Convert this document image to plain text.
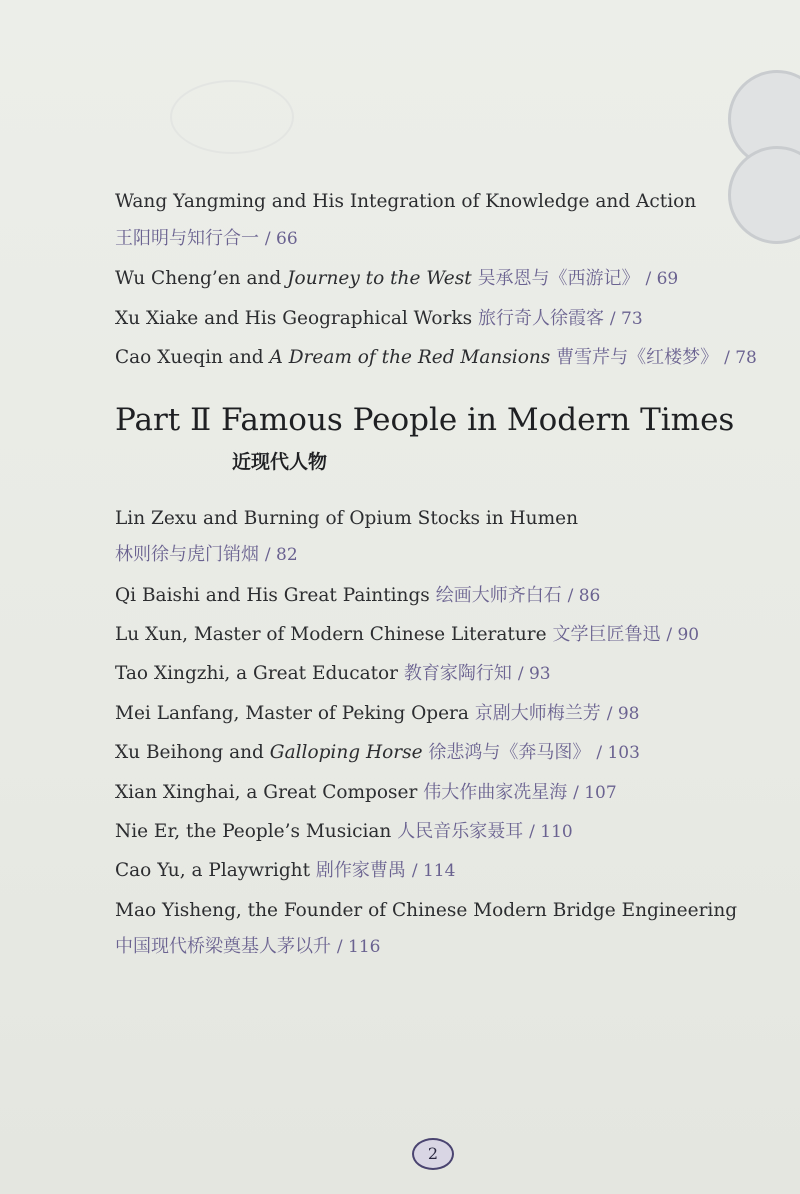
Wang Yangming and His Integration of Knowledge and Action
王阳明与知行合一 / 66
Wu Cheng’en and Journey to the West 吴承恩与《西游记》 / 69
Xu Xiake and His Geographical Works 旅行奇人徐霞客 / 73
Cao Xueqin and A Dream of the Red Mansions 曹雪芹与《红楼梦》 / 78
Part Ⅱ Famous People in Modern Times
近现代人物
Lin Zexu and Burning of Opium Stocks in Humen
林则徐与虎门销烟 / 82
Qi Baishi and His Great Paintings 绘画大师齐白石 / 86
Lu Xun, Master of Modern Chinese Literature 文学巨匠鲁迅 / 90
Tao Xingzhi, a Great Educator 教育家陶行知 / 93
Mei Lanfang, Master of Peking Opera 京剧大师梅兰芳 / 98
Xu Beihong and Galloping Horse 徐悲鸿与《奔马图》 / 103
Xian Xinghai, a Great Composer 伟大作曲家冼星海 / 107
Nie Er, the People’s Musician 人民音乐家聂耳 / 110
Cao Yu, a Playwright 剧作家曹禺 / 114
Mao Yisheng, the Founder of Chinese Modern Bridge Engineering
中国现代桥梁奠基人茅以升 / 116
2
